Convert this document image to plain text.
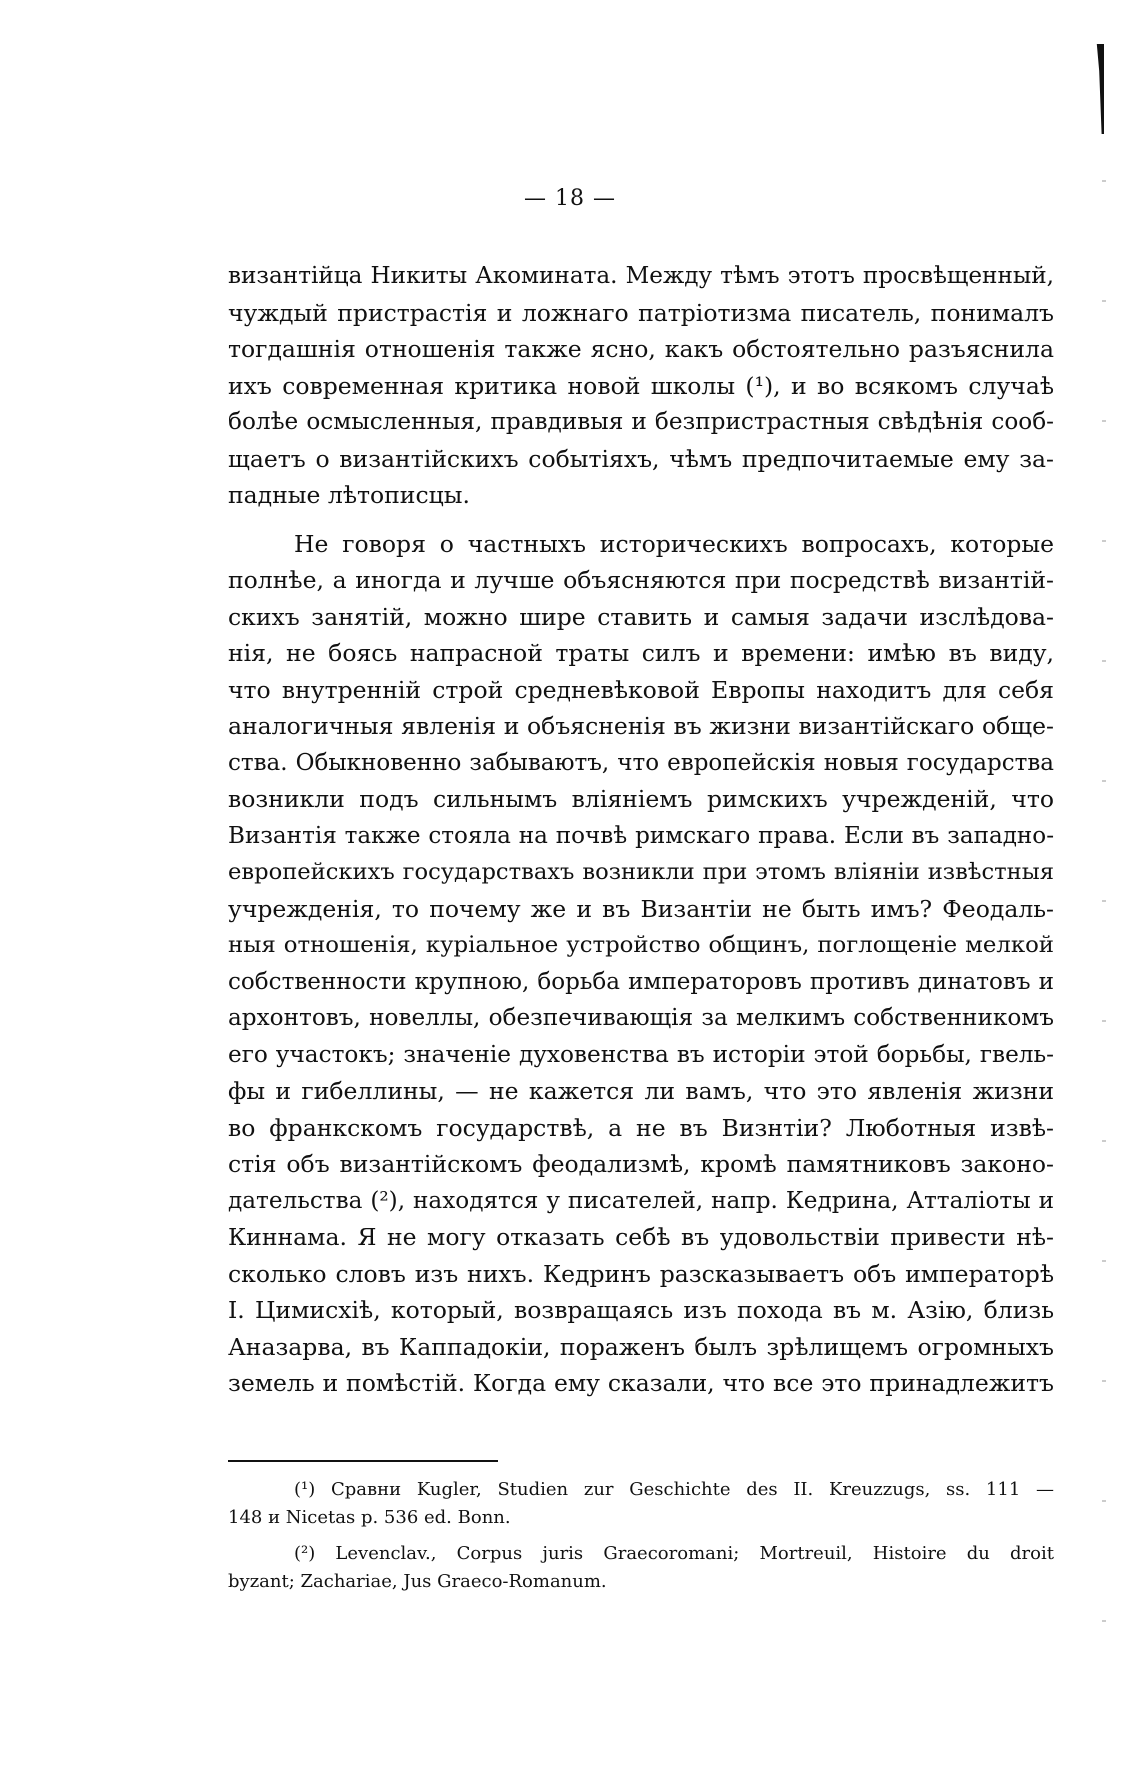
— 18 —
византійца Никиты Акомината. Между тѣмъ этотъ просвѣщенный,
чуждый пристрастія и ложнаго патріотизма писатель, понималъ
тогдашнія отношенія также ясно, какъ обстоятельно разъяснила
ихъ современная критика новой школы (¹), и во всякомъ случаѣ
болѣе осмысленныя, правдивыя и безпристрастныя свѣдѣнія сооб-
щаетъ о византійскихъ событіяхъ, чѣмъ предпочитаемые ему за-
падные лѣтописцы.
Не говоря о частныхъ историческихъ вопросахъ, которые
полнѣе, а иногда и лучше объясняются при посредствѣ византій-
скихъ занятій, можно шире ставить и самыя задачи изслѣдова-
нія, не боясь напрасной траты силъ и времени: имѣю въ виду,
что внутренній строй средневѣковой Европы находитъ для себя
аналогичныя явленія и объясненія въ жизни византійскаго обще-
ства. Обыкновенно забываютъ, что европейскія новыя государства
возникли подъ сильнымъ вліяніемъ римскихъ учрежденій, что
Византія также стояла на почвѣ римскаго права. Если въ западно-
европейскихъ государствахъ возникли при этомъ вліяніи извѣстныя
учрежденія, то почему же и въ Византіи не быть имъ? Феодаль-
ныя отношенія, куріальное устройство общинъ, поглощеніе мелкой
собственности крупною, борьба императоровъ противъ динатовъ и
архонтовъ, новеллы, обезпечивающія за мелкимъ собственникомъ
его участокъ; значеніе духовенства въ исторіи этой борьбы, гвель-
фы и гибеллины, — не кажется ли вамъ, что это явленія жизни
во франкскомъ государствѣ, а не въ Визнтіи? Люботныя извѣ-
стія объ византійскомъ феодализмѣ, кромѣ памятниковъ законо-
дательства (²), находятся у писателей, напр. Кедрина, Атталіоты и
Киннама. Я не могу отказать себѣ въ удовольствіи привести нѣ-
сколько словъ изъ нихъ. Кедринъ разсказываетъ объ императорѣ
I. Цимисхіѣ, который, возвращаясь изъ похода въ м. Азію, близь
Аназарва, въ Каппадокіи, пораженъ былъ зрѣлищемъ огромныхъ
земель и помѣстій. Когда ему сказали, что все это принадлежитъ
(¹) Сравни Kugler, Studien zur Geschichte des II. Kreuzzugs, ss. 111 —
148 и Nicetas p. 536 ed. Bonn.
(²) Levenclav., Corpus juris Graecoromani; Mortreuil, Histoire du droit
byzant; Zachariae, Jus Graeco-Romanum.
